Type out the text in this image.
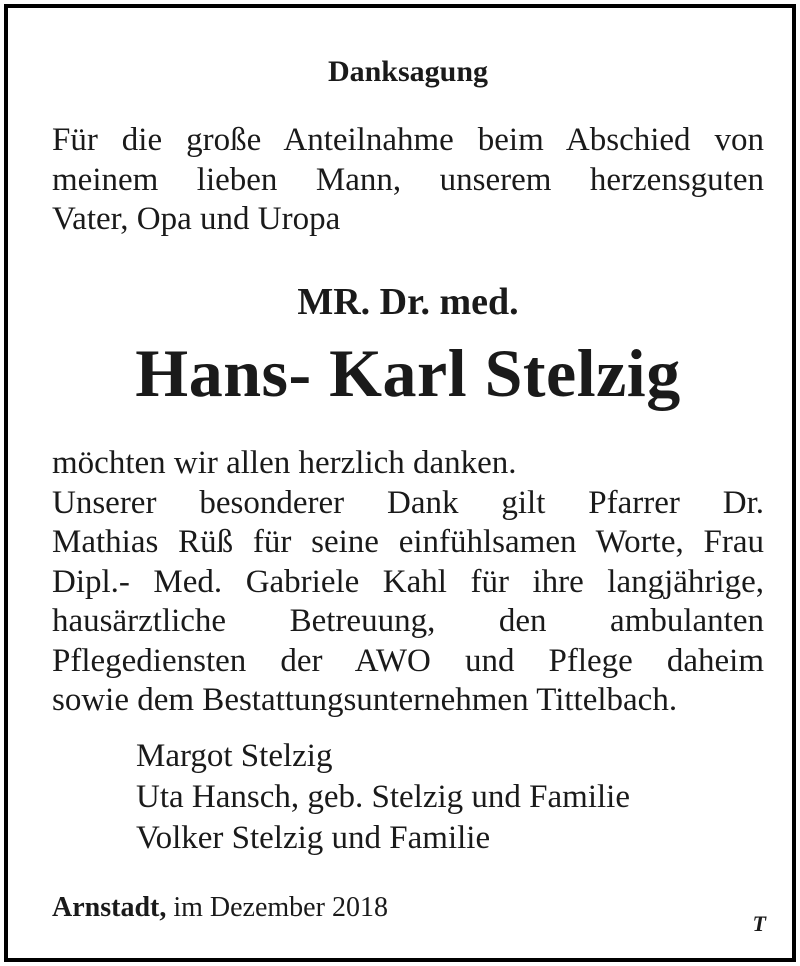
Danksagung
Für die große Anteilnahme beim Abschied von
meinem lieben Mann, unserem herzensguten
Vater, Opa und Uropa
MR. Dr. med.
Hans- Karl Stelzig
möchten wir allen herzlich danken.
Unserer besonderer Dank gilt Pfarrer Dr.
Mathias Rüß für seine einfühlsamen Worte, Frau
Dipl.- Med. Gabriele Kahl für ihre langjährige,
hausärztliche Betreuung, den ambulanten
Pflegediensten der AWO und Pflege daheim
sowie dem Bestattungsunternehmen Tittelbach.
Margot Stelzig
Uta Hansch, geb. Stelzig und Familie
Volker Stelzig und Familie
Arnstadt, im Dezember 2018
T
